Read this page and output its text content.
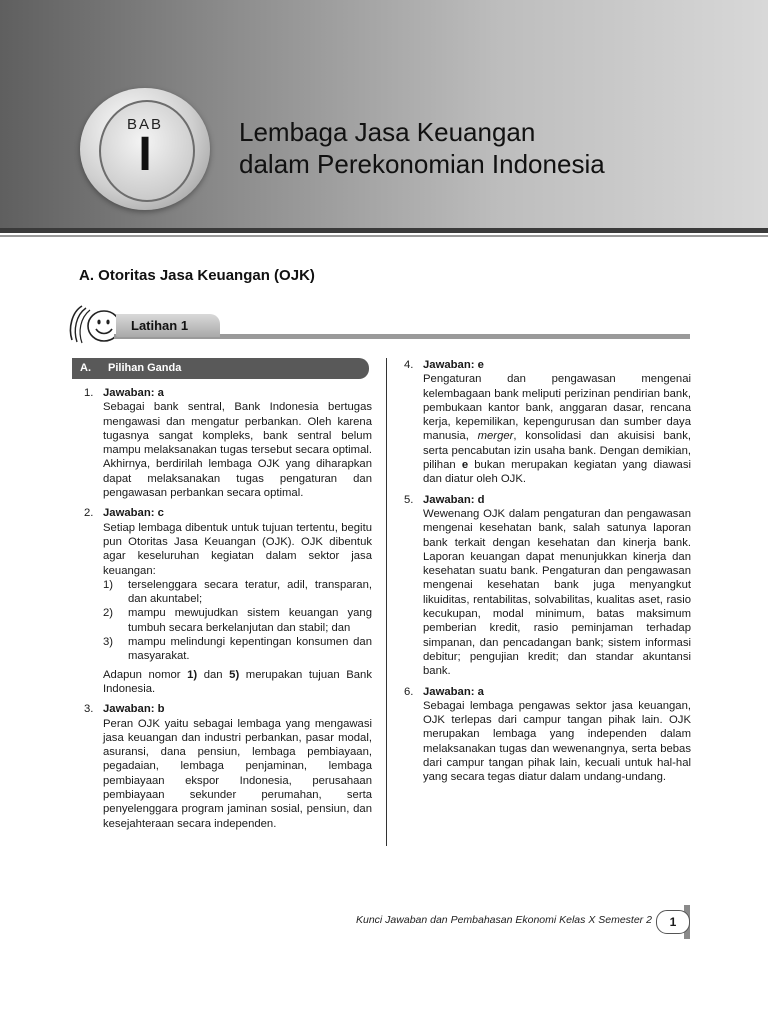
BAB
I	Lembaga Jasa Keuangan
dalam Perekonomian Indonesia
A. Otoritas Jasa Keuangan (OJK)
Latihan 1
A. Pilihan Ganda
1. Jawaban: a

Sebagai bank sentral, Bank Indonesia bertugas mengawasi dan mengatur perbankan. Oleh karena tugasnya sangat kompleks, bank sentral belum mampu melaksanakan tugas tersebut secara optimal. Akhirnya, berdirilah lembaga OJK yang diharapkan dapat melaksanakan tugas pengaturan dan pengawasan perbankan secara optimal.

2. Jawaban: c

Setiap lembaga dibentuk untuk tujuan tertentu, begitu pun Otoritas Jasa Keuangan (OJK). OJK dibentuk agar keseluruhan kegiatan dalam sektor jasa keuangan:

1) terselenggara secara teratur, adil, transparan, dan akuntabel;

2) mampu mewujudkan sistem keuangan yang tumbuh secara berkelanjutan dan stabil; dan

3) mampu melindungi kepentingan konsumen dan masyarakat.

Adapun nomor 1) dan 5) merupakan tujuan Bank Indonesia.

3. Jawaban: b

Peran OJK yaitu sebagai lembaga yang mengawasi jasa keuangan dan industri perbankan, pasar modal, asuransi, dana pensiun, lembaga pembiayaan, pegadaian, lembaga penjaminan, lembaga pembiayaan ekspor Indonesia, perusahaan pembiayaan sekunder perumahan, serta penyelenggara program jaminan sosial, pensiun, dan kesejahteraan secara independen.

4. Jawaban: e

Pengaturan dan pengawasan mengenai kelembagaan bank meliputi perizinan pendirian bank, pembukaan kantor bank, anggaran dasar, rencana kerja, kepemilikan, kepengurusan dan sumber daya manusia, merger, konsolidasi dan akuisisi bank, serta pencabutan izin usaha bank. Dengan demikian, pilihan e bukan merupakan kegiatan yang diawasi dan diatur oleh OJK.

5. Jawaban: d

Wewenang OJK dalam pengaturan dan pengawasan mengenai kesehatan bank, salah satunya laporan bank terkait dengan kesehatan dan kinerja bank. Laporan keuangan dapat menunjukkan kinerja dan kesehatan suatu bank. Pengaturan dan pengawasan mengenai kesehatan bank juga menyangkut likuiditas, rentabilitas, solvabilitas, kualitas aset, rasio kecukupan, modal minimum, batas maksimum pemberian kredit, rasio peminjaman terhadap simpanan, dan pencadangan bank; sistem informasi debitur; pengujian kredit; dan standar akuntansi bank.

6. Jawaban: a

Sebagai lembaga pengawas sektor jasa keuangan, OJK terlepas dari campur tangan pihak lain. OJK merupakan lembaga yang independen dalam melaksanakan tugas dan wewenangnya, serta bebas dari campur tangan pihak lain, kecuali untuk hal-hal yang secara tegas diatur dalam undang-undang.

Kunci Jawaban dan Pembahasan Ekonomi Kelas X Semester 2	1
